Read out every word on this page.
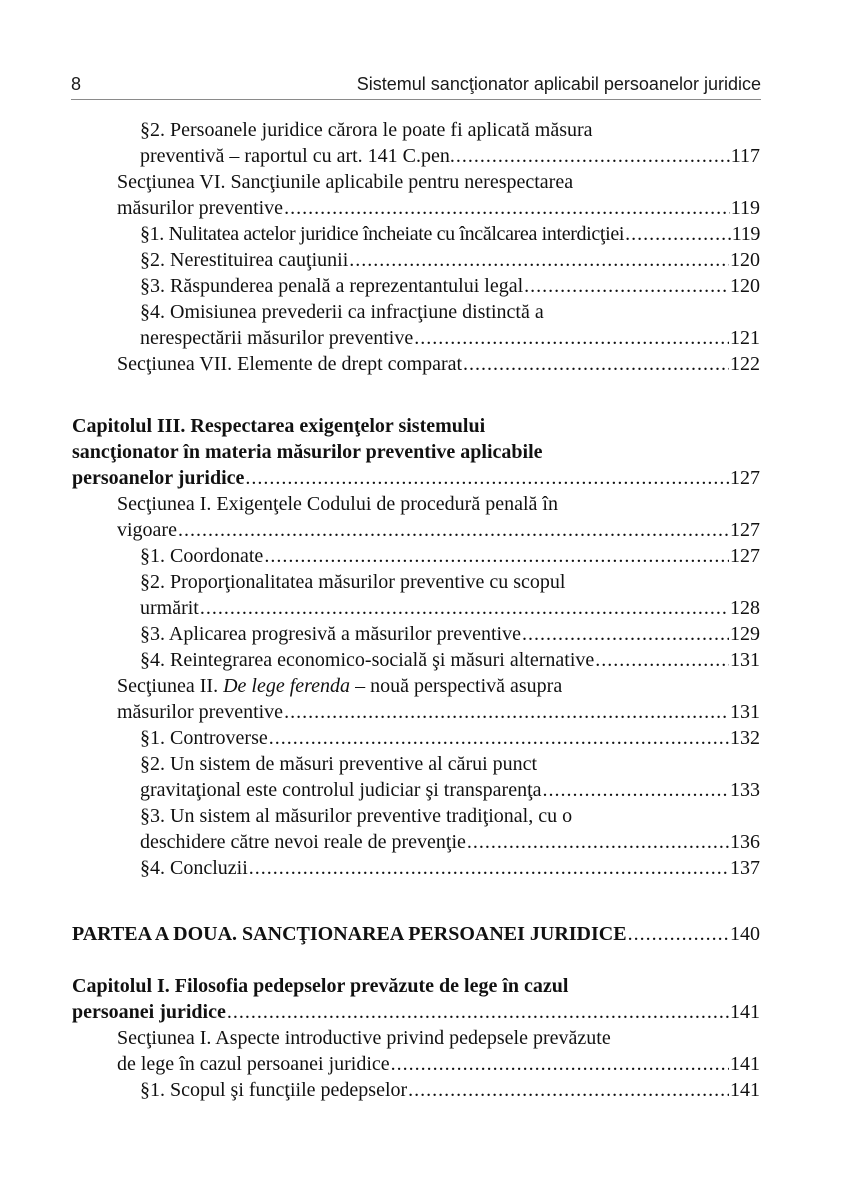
8	Sistemul sancţionator aplicabil persoanelor juridice
§2. Persoanele juridice cărora le poate fi aplicată măsura
preventivă – raportul cu art. 141 C.pen. .....	117
Secţiunea VI. Sancţiunile aplicabile pentru nerespectarea
măsurilor preventive .....	119
§1. Nulitatea actelor juridice încheiate cu încălcarea interdicţiei .....	119
§2. Nerestituirea cauţiunii .....	120
§3. Răspunderea penală a reprezentantului legal .....	120
§4. Omisiunea prevederii ca infracţiune distinctă a
nerespectării măsurilor preventive .....	121
Secţiunea VII. Elemente de drept comparat .....	122
Capitolul III. Respectarea exigenţelor sistemului
sancţionator în materia măsurilor preventive aplicabile
persoanelor juridice .....	127
Secţiunea I. Exigenţele Codului de procedură penală în
vigoare .....	127
§1. Coordonate .....	127
§2. Proporţionalitatea măsurilor preventive cu scopul
urmărit .....	128
§3. Aplicarea progresivă a măsurilor preventive .....	129
§4. Reintegrarea economico-socială şi măsuri alternative .....	131
Secţiunea II. De lege ferenda – nouă perspectivă asupra
măsurilor preventive .....	131
§1. Controverse .....	132
§2. Un sistem de măsuri preventive al cărui punct
gravitaţional este controlul judiciar şi transparenţa .....	133
§3. Un sistem al măsurilor preventive tradiţional, cu o
deschidere către nevoi reale de prevenţie .....	136
§4. Concluzii .....	137
PARTEA A DOUA. SANCŢIONAREA PERSOANEI JURIDICE .....	140
Capitolul I. Filosofia pedepselor prevăzute de lege în cazul
persoanei juridice .....	141
Secţiunea I. Aspecte introductive privind pedepsele prevăzute
de lege în cazul persoanei juridice .....	141
§1. Scopul şi funcţiile pedepselor .....	141
